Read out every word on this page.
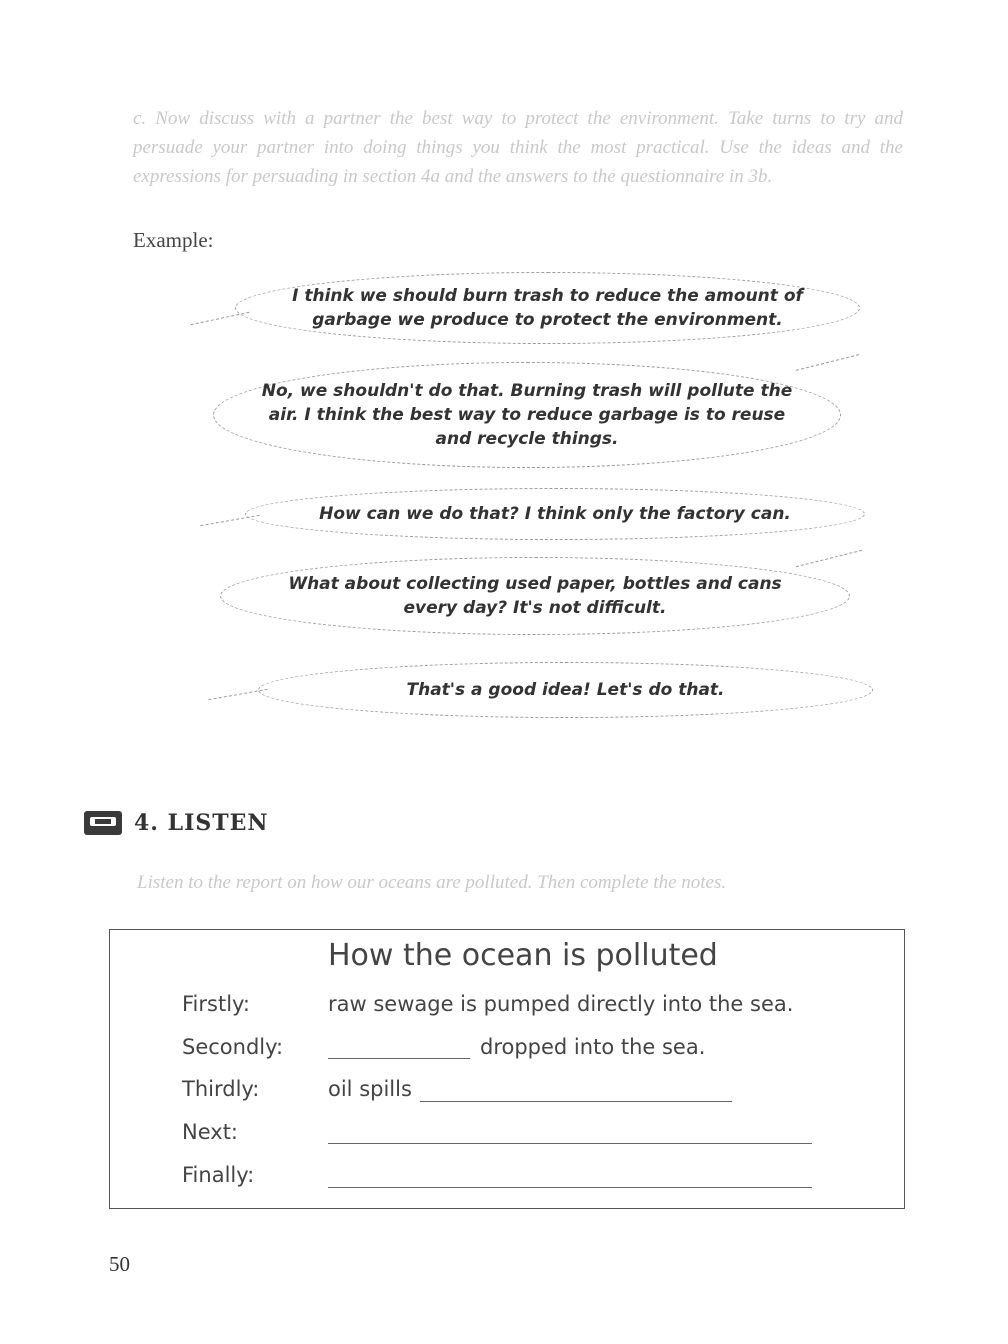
c. Now discuss with a partner the best way to protect the environment. Take turns to try and persuade your partner into doing things you think the most practical. Use the ideas and the expressions for persuading in section 4a and the answers to the questionnaire in 3b.
Example:
I think we should burn trash to reduce the amount of garbage we produce to protect the environment.
No, we shouldn't do that. Burning trash will pollute the air. I think the best way to reduce garbage is to reuse and recycle things.
How can we do that? I think only the factory can.
What about collecting used paper, bottles and cans every day? It's not difficult.
That's a good idea! Let's do that.
4. LISTEN
Listen to the report on how our oceans are polluted. Then complete the notes.
How the ocean is polluted
Firstly:	raw sewage is pumped directly into the sea.
Secondly:	dropped into the sea.
Thirdly:	oil spills
Next:
Finally:
50
